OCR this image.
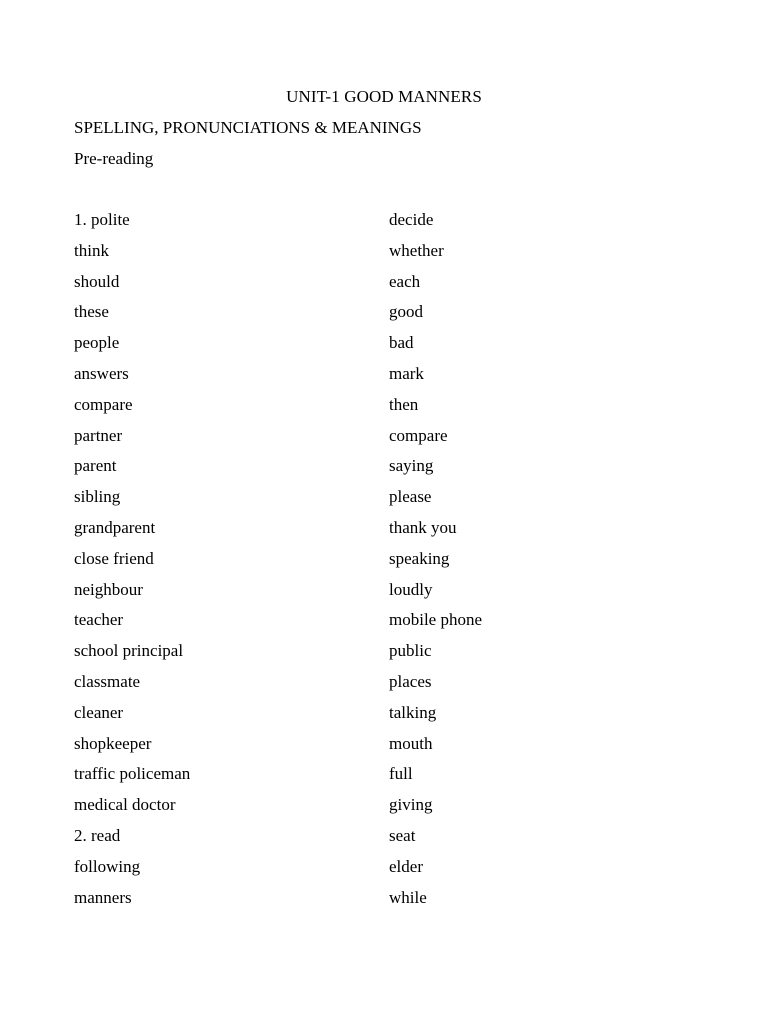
UNIT-1 GOOD MANNERS
SPELLING, PRONUNCIATIONS & MEANINGS
Pre-reading
1. polite	decide
think	whether
should	each
these	good
people	bad
answers	mark
compare	then
partner	compare
parent	saying
sibling	please
grandparent	thank you
close friend	speaking
neighbour	loudly
teacher	mobile phone
school principal	public
classmate	places
cleaner	talking
shopkeeper	mouth
traffic policeman	full
medical doctor	giving
2. read	seat
following	elder
manners	while
